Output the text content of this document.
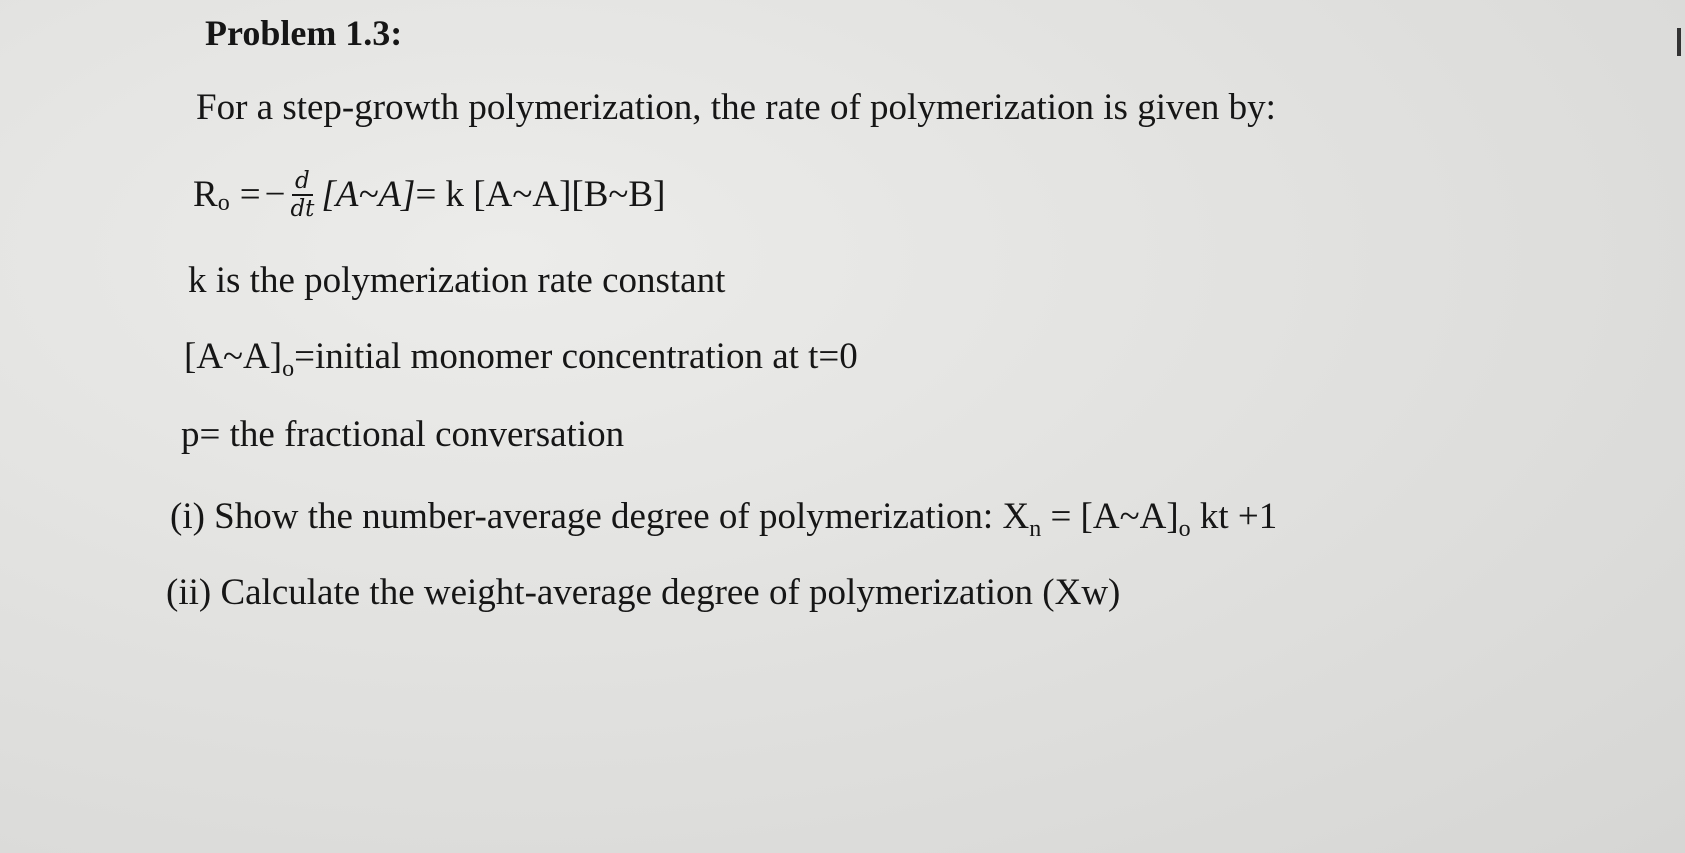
Problem 1.3:
For a step-growth polymerization, the rate of polymerization is given by:
R o = − $\frac{d}{dt}$ [A~A] = k [A~A][B~B]
k is the polymerization rate constant
$[A\sim A]_o=initial$ monomer concentration at t=0
p= the fractional conversation
(i) Show the number-average degree of polymerization: $X_n$ = $[A\sim A]_o$ kt +1
(ii) Calculate the weight-average degree of polymerization (Xw)
